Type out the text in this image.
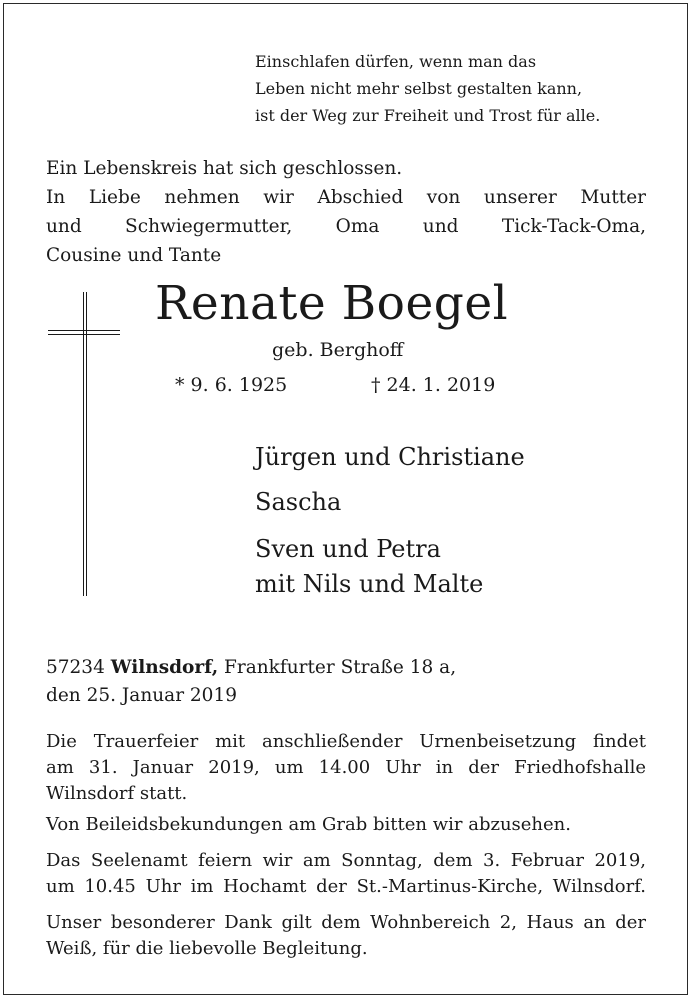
Einschlafen dürfen, wenn man das
Leben nicht mehr selbst gestalten kann,
ist der Weg zur Freiheit und Trost für alle.
Ein Lebenskreis hat sich geschlossen.
In Liebe nehmen wir Abschied von unserer Mutter
und Schwiegermutter, Oma und Tick-Tack-Oma,
Cousine und Tante
Renate Boegel
geb. Berghoff
* 9. 6. 1925	† 24. 1. 2019
Jürgen und Christiane
Sascha
Sven und Petra
mit Nils und Malte
57234 Wilnsdorf, Frankfurter Straße 18 a,
den 25. Januar 2019
Die Trauerfeier mit anschließender Urnenbeisetzung findet
am 31. Januar 2019, um 14.00 Uhr in der Friedhofshalle
Wilnsdorf statt.
Von Beileidsbekundungen am Grab bitten wir abzusehen.
Das Seelenamt feiern wir am Sonntag, dem 3. Februar 2019,
um 10.45 Uhr im Hochamt der St.-Martinus-Kirche, Wilnsdorf.
Unser besonderer Dank gilt dem Wohnbereich 2, Haus an der
Weiß, für die liebevolle Begleitung.
